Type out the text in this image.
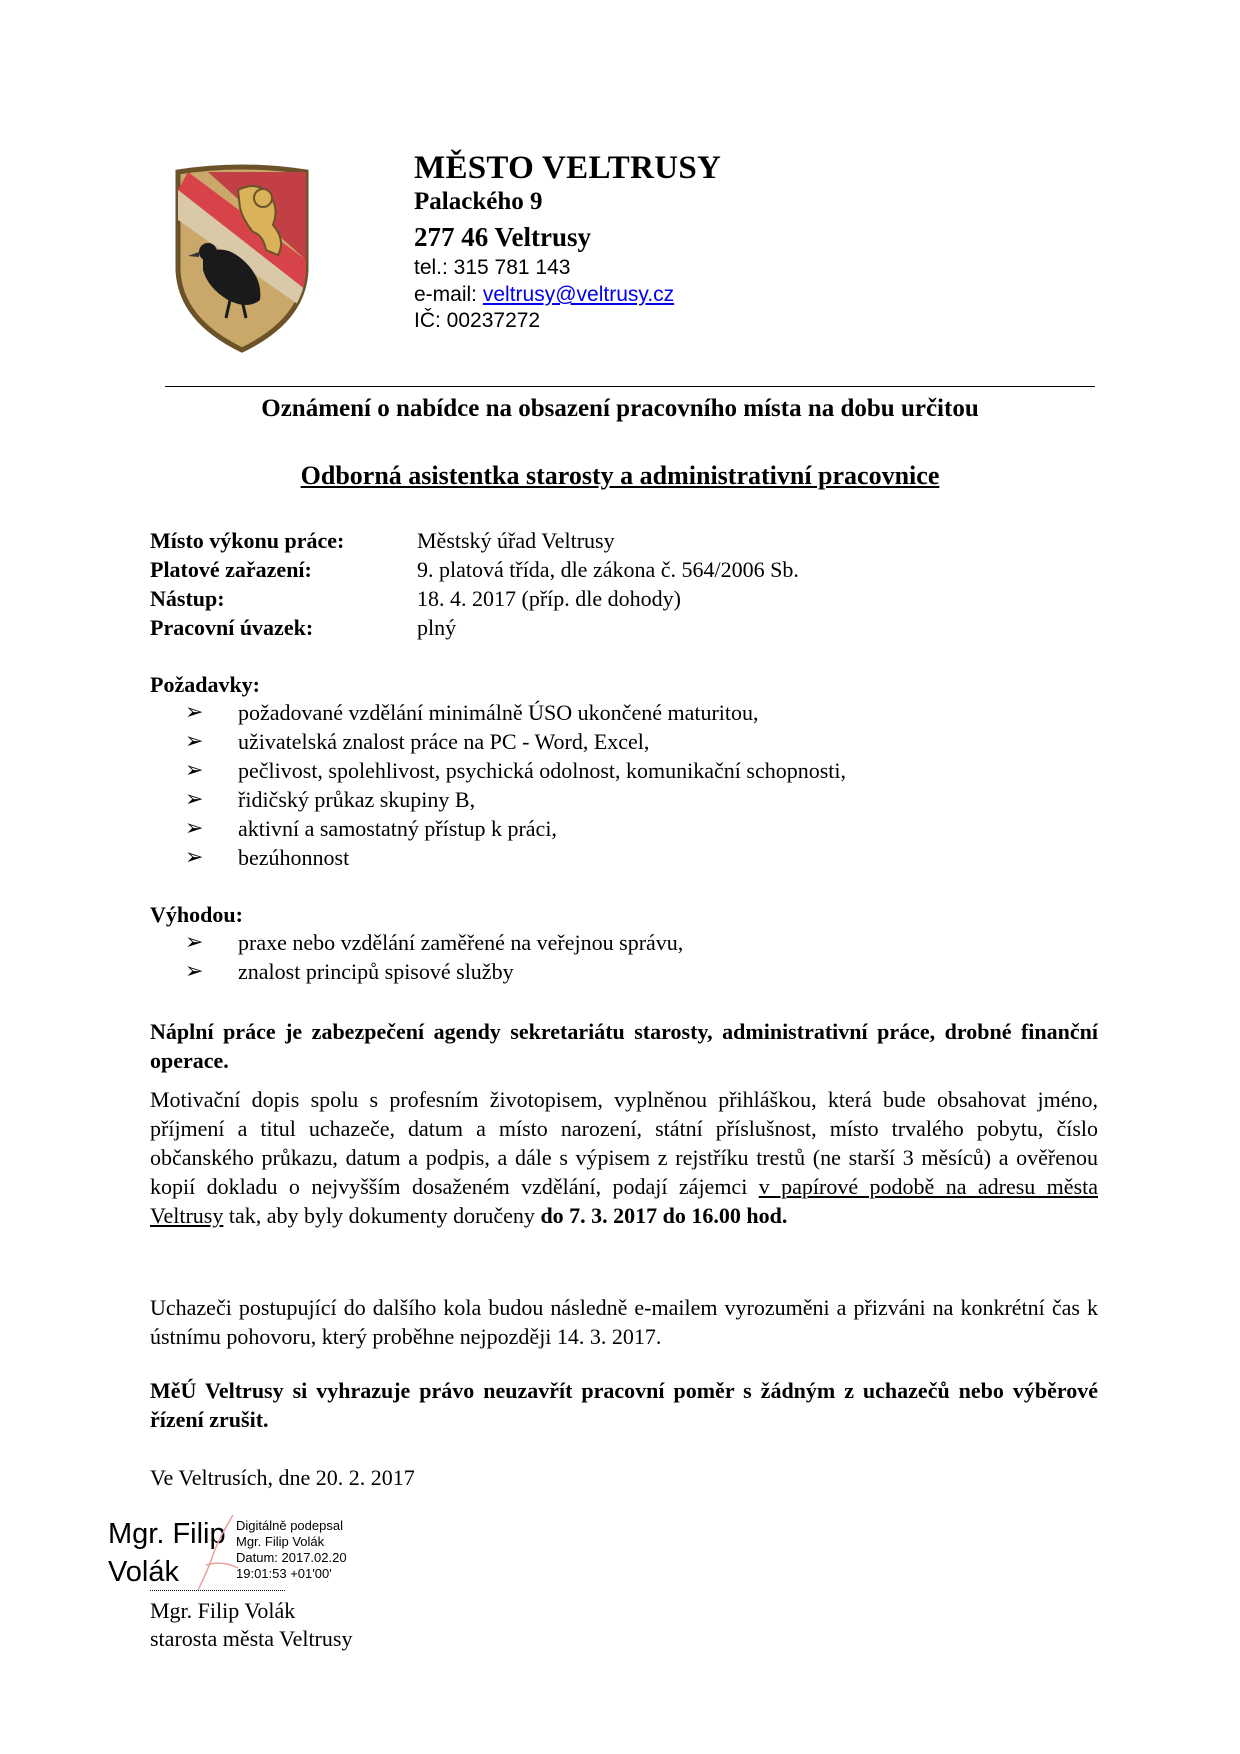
MĚSTO VELTRUSY
Palackého 9
277 46 Veltrusy
tel.: 315 781 143
e-mail: veltrusy@veltrusy.cz
IČ: 00237272
Oznámení o nabídce na obsazení pracovního místa na dobu určitou
Odborná asistentka starosty a administrativní pracovnice
Místo výkonu práce:	Městský úřad Veltrusy
Platové zařazení:	9. platová třída, dle zákona č. 564/2006 Sb.
Nástup:	18. 4. 2017 (příp. dle dohody)
Pracovní úvazek:	plný
Požadavky:
➢ požadované vzdělání minimálně ÚSO ukončené maturitou,
➢ uživatelská znalost práce na PC - Word, Excel,
➢ pečlivost, spolehlivost, psychická odolnost, komunikační schopnosti,
➢ řidičský průkaz skupiny B,
➢ aktivní a samostatný přístup k práci,
➢ bezúhonnost
Výhodou:
➢ praxe nebo vzdělání zaměřené na veřejnou správu,
➢ znalost principů spisové služby
Náplní práce je zabezpečení agendy sekretariátu starosty, administrativní práce, drobné finanční operace.
Motivační dopis spolu s profesním životopisem, vyplněnou přihláškou, která bude obsahovat jméno, příjmení a titul uchazeče, datum a místo narození, státní příslušnost, místo trvalého pobytu, číslo občanského průkazu, datum a podpis, a dále s výpisem z rejstříku trestů (ne starší 3 měsíců) a ověřenou kopií dokladu o nejvyšším dosaženém vzdělání, podají zájemci v papírové podobě na adresu města Veltrusy tak, aby byly dokumenty doručeny do 7. 3. 2017 do 16.00 hod.
Uchazeči postupující do dalšího kola budou následně e-mailem vyrozuměni a přizváni na konkrétní čas k ústnímu pohovoru, který proběhne nejpozději 14. 3. 2017.
MěÚ Veltrusy si vyhrazuje právo neuzavřít pracovní poměr s žádným z uchazečů nebo výběrové řízení zrušit.
Ve Veltrusích, dne 20. 2. 2017
Mgr. Filip
Volák
Digitálně podepsal
Mgr. Filip Volák
Datum: 2017.02.20
19:01:53 +01'00'
Mgr. Filip Volák
starosta města Veltrusy
